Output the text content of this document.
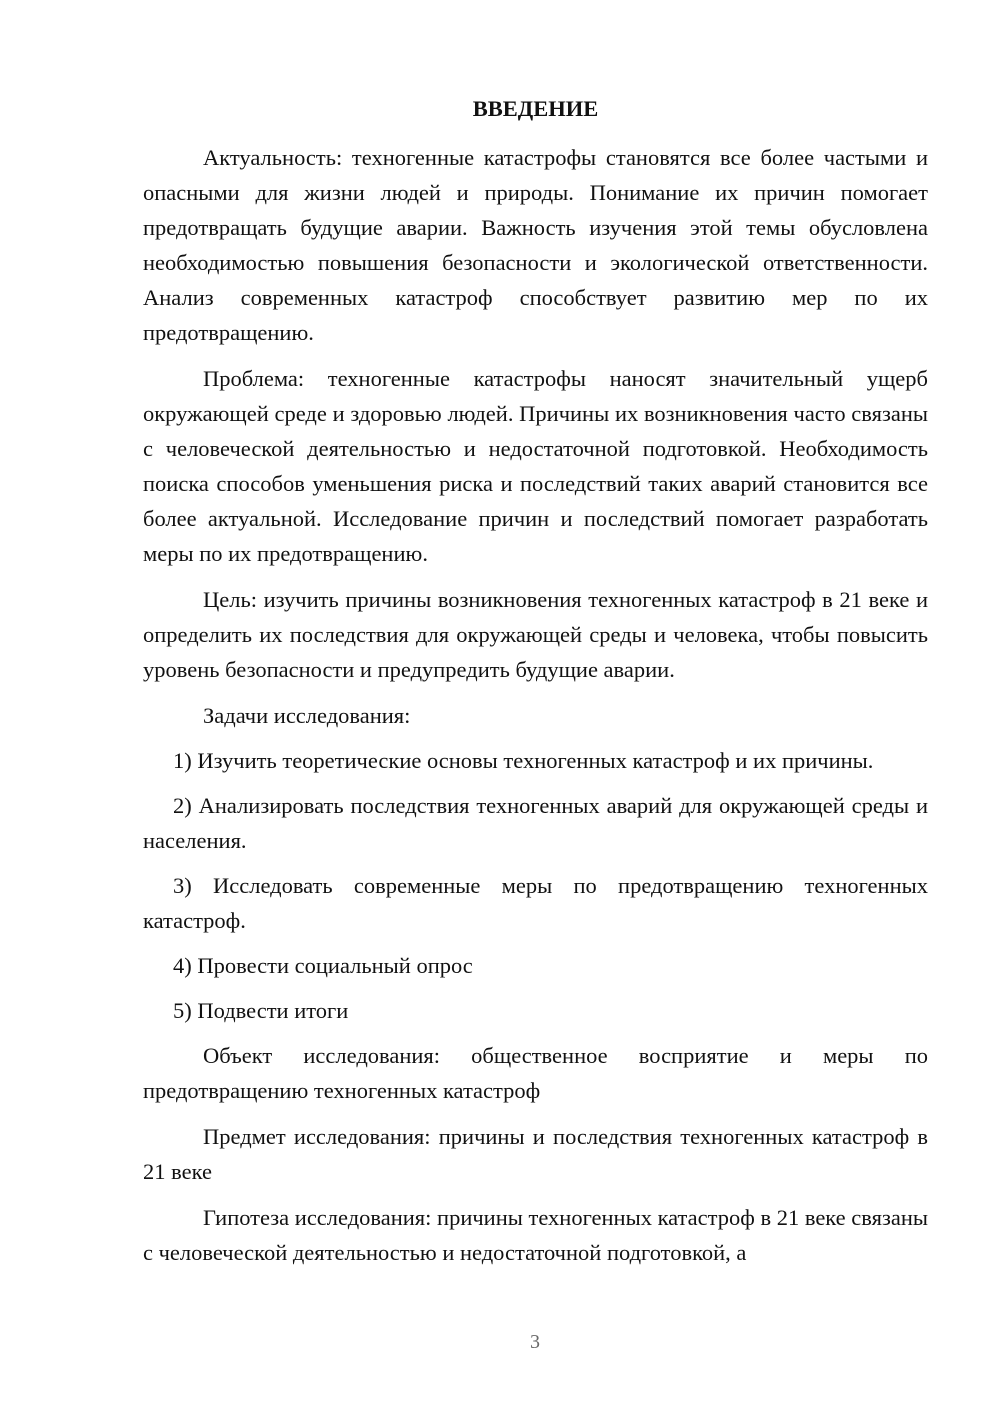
ВВЕДЕНИЕ

Актуальность: техногенные катастрофы становятся все более частыми и опасными для жизни людей и природы. Понимание их причин помогает предотвращать будущие аварии. Важность изучения этой темы обусловлена необходимостью повышения безопасности и экологической ответственности. Анализ современных катастроф способствует развитию мер по их предотвращению.

Проблема: техногенные катастрофы наносят значительный ущерб окружающей среде и здоровью людей. Причины их возникновения часто связаны с человеческой деятельностью и недостаточной подготовкой. Необходимость поиска способов уменьшения риска и последствий таких аварий становится все более актуальной. Исследование причин и последствий помогает разработать меры по их предотвращению.

Цель: изучить причины возникновения техногенных катастроф в 21 веке и определить их последствия для окружающей среды и человека, чтобы повысить уровень безопасности и предупредить будущие аварии.

Задачи исследования:

1) Изучить теоретические основы техногенных катастроф и их причины.

2) Анализировать последствия техногенных аварий для окружающей среды и населения.

3) Исследовать современные меры по предотвращению техногенных катастроф.

4) Провести социальный опрос

5) Подвести итоги

Объект исследования: общественное восприятие и меры по предотвращению техногенных катастроф

Предмет исследования: причины и последствия техногенных катастроф в 21 веке

Гипотеза исследования: причины техногенных катастроф в 21 веке связаны с человеческой деятельностью и недостаточной подготовкой, а

3
